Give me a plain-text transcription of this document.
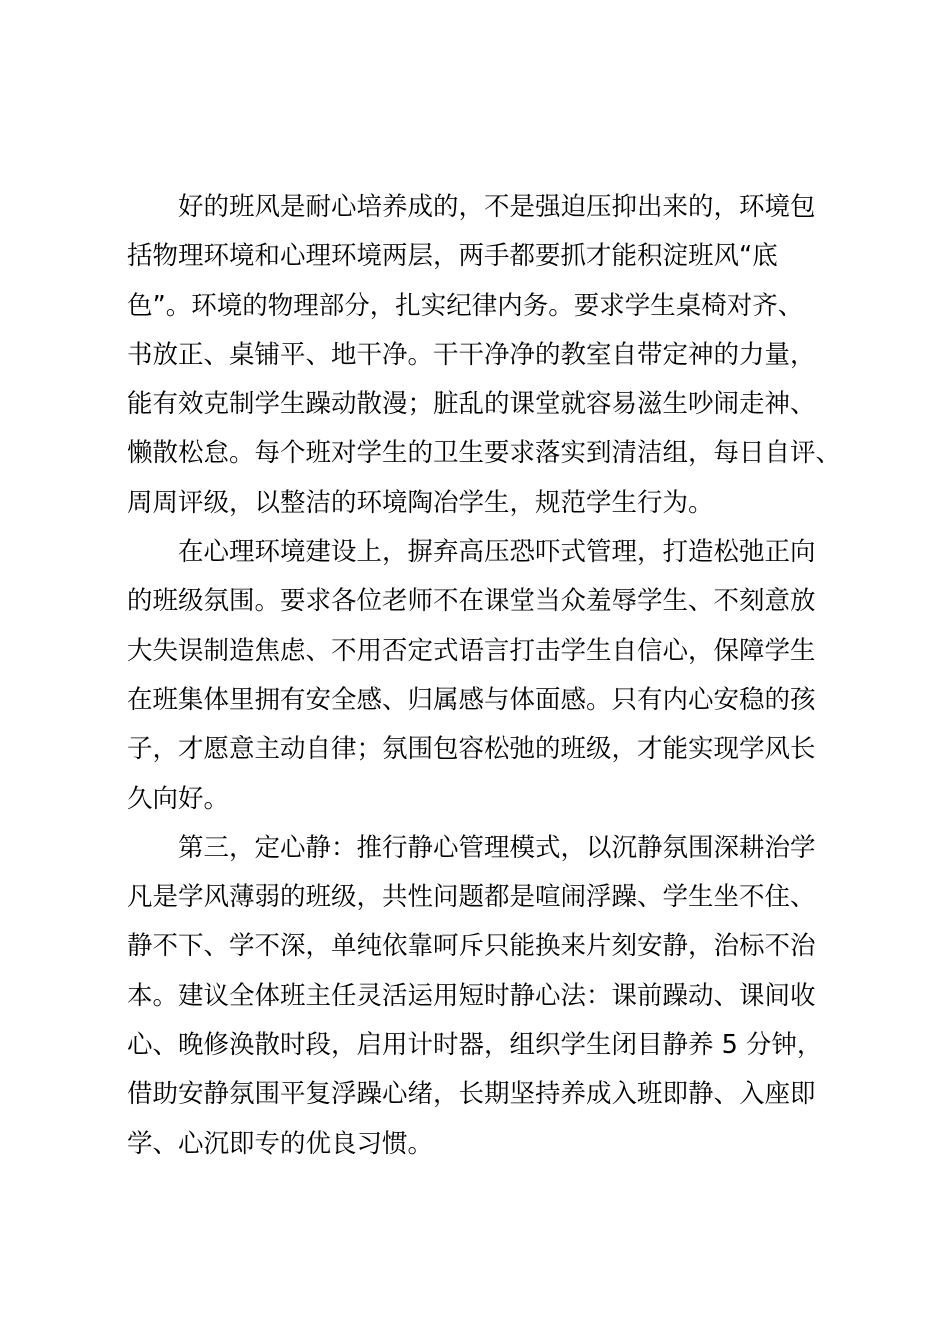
好的班风是耐心培养成的，不是强迫压抑出来的，环境包
括物理环境和心理环境两层，两手都要抓才能积淀班风“底
色”。环境的物理部分，扎实纪律内务。要求学生桌椅对齐、
书放正、桌铺平、地干净。干干净净的教室自带定神的力量，
能有效克制学生躁动散漫；脏乱的课堂就容易滋生吵闹走神、
懒散松怠。每个班对学生的卫生要求落实到清洁组，每日自评、
周周评级，以整洁的环境陶冶学生，规范学生行为。
在心理环境建设上，摒弃高压恐吓式管理，打造松弛正向
的班级氛围。要求各位老师不在课堂当众羞辱学生、不刻意放
大失误制造焦虑、不用否定式语言打击学生自信心，保障学生
在班集体里拥有安全感、归属感与体面感。只有内心安稳的孩
子，才愿意主动自律；氛围包容松弛的班级，才能实现学风长
久向好。
第三，定心静：推行静心管理模式，以沉静氛围深耕治学
凡是学风薄弱的班级，共性问题都是喧闹浮躁、学生坐不住、
静不下、学不深，单纯依靠呵斥只能换来片刻安静，治标不治
本。建议全体班主任灵活运用短时静心法：课前躁动、课间收
心、晚修涣散时段，启用计时器，组织学生闭目静养 5 分钟，
借助安静氛围平复浮躁心绪，长期坚持养成入班即静、入座即
学、心沉即专的优良习惯。
